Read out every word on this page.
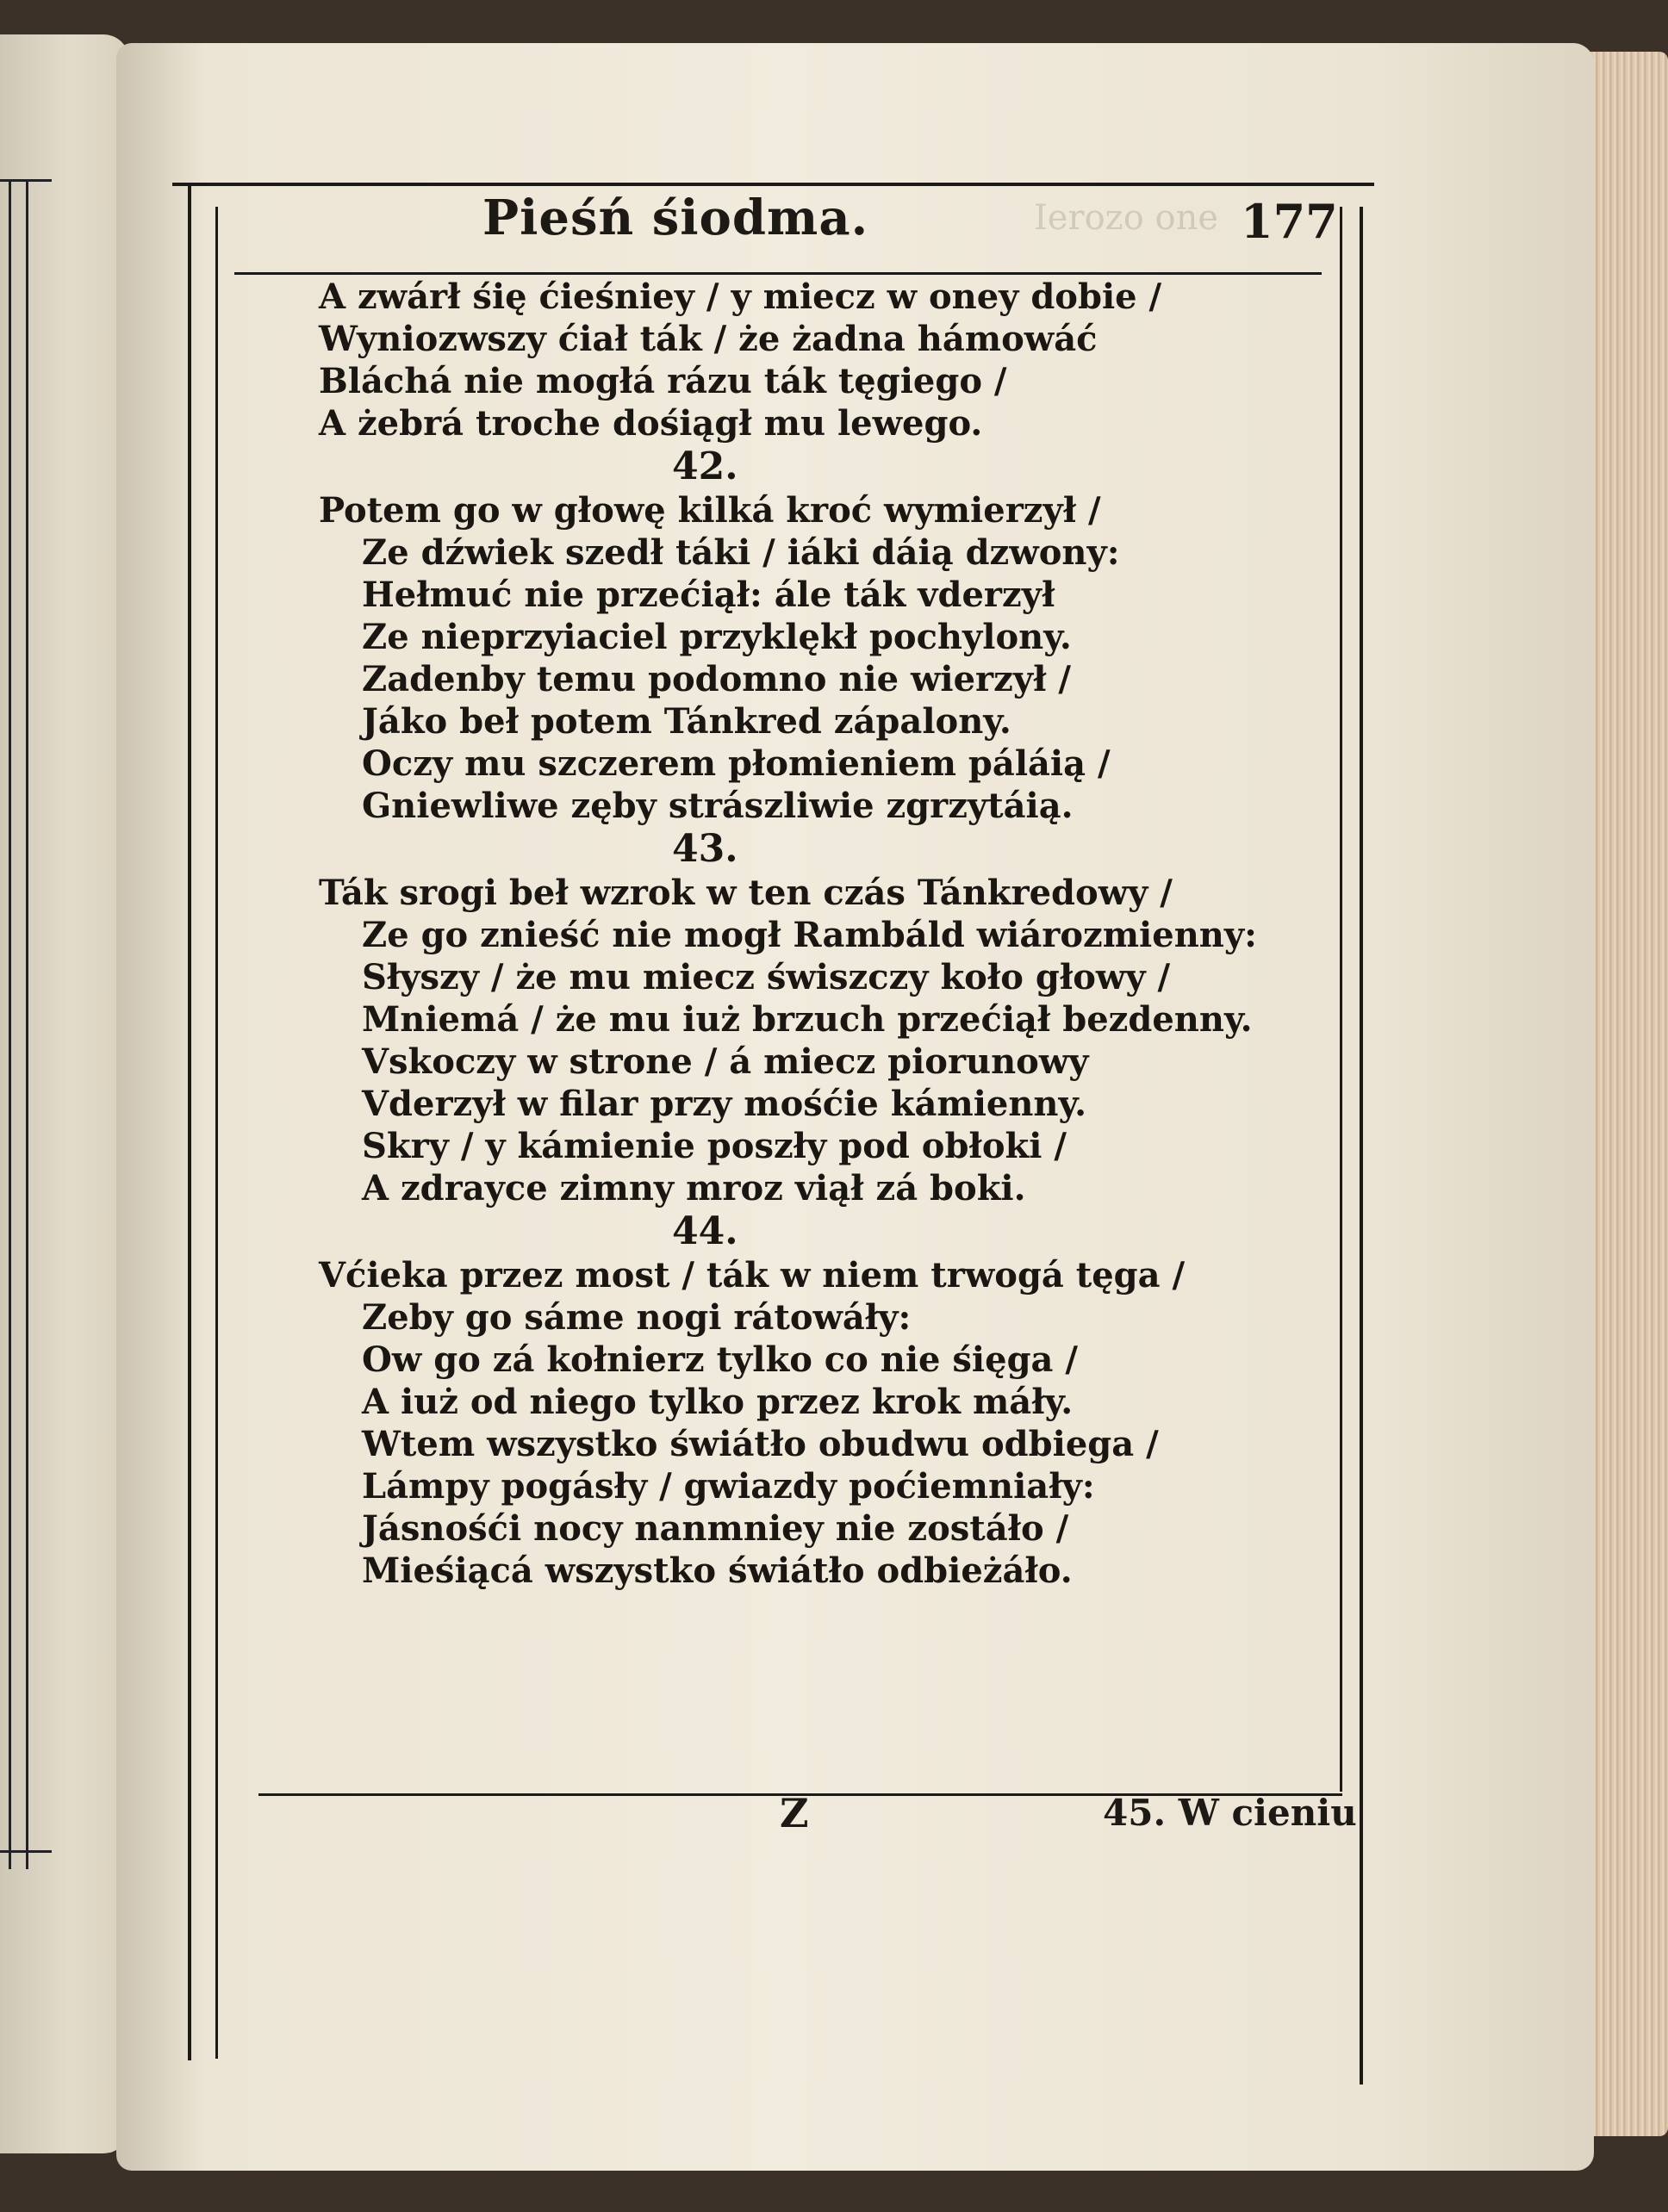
Ierozo one
Pieśń śiodma.	177
A zwárł śię ćieśniey / y miecz w oney dobie /
Wyniozwszy ćiał ták / że żadna hámowáć
Bláchá nie mogłá rázu ták tęgiego /
A żebrá troche dośiągł mu lewego.
42.
Potem go w głowę kilká kroć wymierzył /
Ze dźwiek szedł táki / iáki dáią dzwony:
Hełmuć nie przećiął: ále ták vderzył
Ze nieprzyiaciel przyklękł pochylony.
Zadenby temu podomno nie wierzył /
Jáko beł potem Tánkred zápalony.
Oczy mu szczerem płomieniem páláią /
Gniewliwe zęby strászliwie zgrzytáią.
43.
Ták srogi beł wzrok w ten czás Tánkredowy /
Ze go znieść nie mogł Rambáld wiározmienny:
Słyszy / że mu miecz świszczy koło głowy /
Mniemá / że mu iuż brzuch przećiął bezdenny.
Vskoczy w strone / á miecz piorunowy
Vderzył w filar przy mośćie kámienny.
Skry / y kámienie poszły pod obłoki /
A zdrayce zimny mroz viął zá boki.
44.
Vćieka przez most / ták w niem trwogá tęga /
Zeby go sáme nogi rátowáły:
Ow go zá kołnierz tylko co nie śięga /
A iuż od niego tylko przez krok máły.
Wtem wszystko świátło obudwu odbiega /
Lámpy pogásły / gwiazdy poćiemniały:
Jásnośći nocy nanmniey nie zostáło /
Mieśiącá wszystko świátło odbieżáło.
Z	45. W cieniu
